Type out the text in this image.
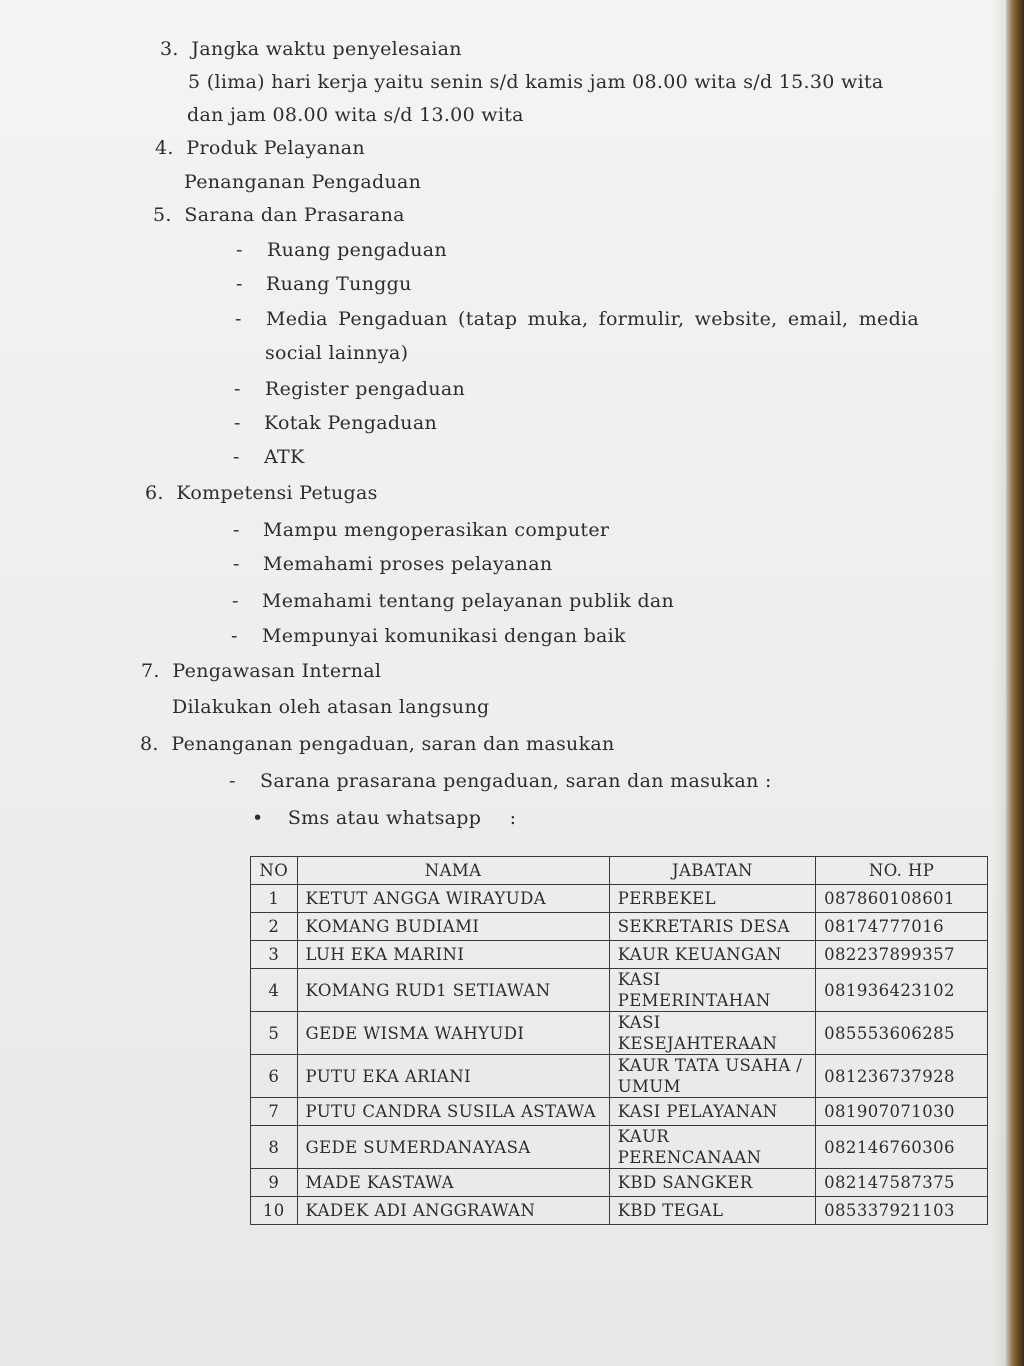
3. Jangka waktu penyelesaian
5 (lima) hari kerja yaitu senin s/d kamis jam 08.00 wita s/d 15.30 wita
dan jam 08.00 wita s/d 13.00 wita
4. Produk Pelayanan
Penanganan Pengaduan
5. Sarana dan Prasarana
- Ruang pengaduan
- Ruang Tunggu
- Media Pengaduan (tatap muka, formulir, website, email, media
social lainnya)
- Register pengaduan
- Kotak Pengaduan
- ATK
6. Kompetensi Petugas
- Mampu mengoperasikan computer
- Memahami proses pelayanan
- Memahami tentang pelayanan publik dan
- Mempunyai komunikasi dengan baik
7. Pengawasan Internal
Dilakukan oleh atasan langsung
8. Penanganan pengaduan, saran dan masukan
- Sarana prasarana pengaduan, saran dan masukan :
• Sms atau whatsapp :
NO	NAMA	JABATAN	NO. HP
1	KETUT ANGGA WIRAYUDA	PERBEKEL	087860108601
2	KOMANG BUDIAMI	SEKRETARIS DESA	08174777016
3	LUH EKA MARINI	KAUR KEUANGAN	082237899357
4	KOMANG RUD1 SETIAWAN	KASI PEMERINTAHAN	081936423102
5	GEDE WISMA WAHYUDI	KASI KESEJAHTERAAN	085553606285
6	PUTU EKA ARIANI	KAUR TATA USAHA / UMUM	081236737928
7	PUTU CANDRA SUSILA ASTAWA	KASI PELAYANAN	081907071030
8	GEDE SUMERDANAYASA	KAUR PERENCANAAN	082146760306
9	MADE KASTAWA	KBD SANGKER	082147587375
10	KADEK ADI ANGGRAWAN	KBD TEGAL	085337921103
